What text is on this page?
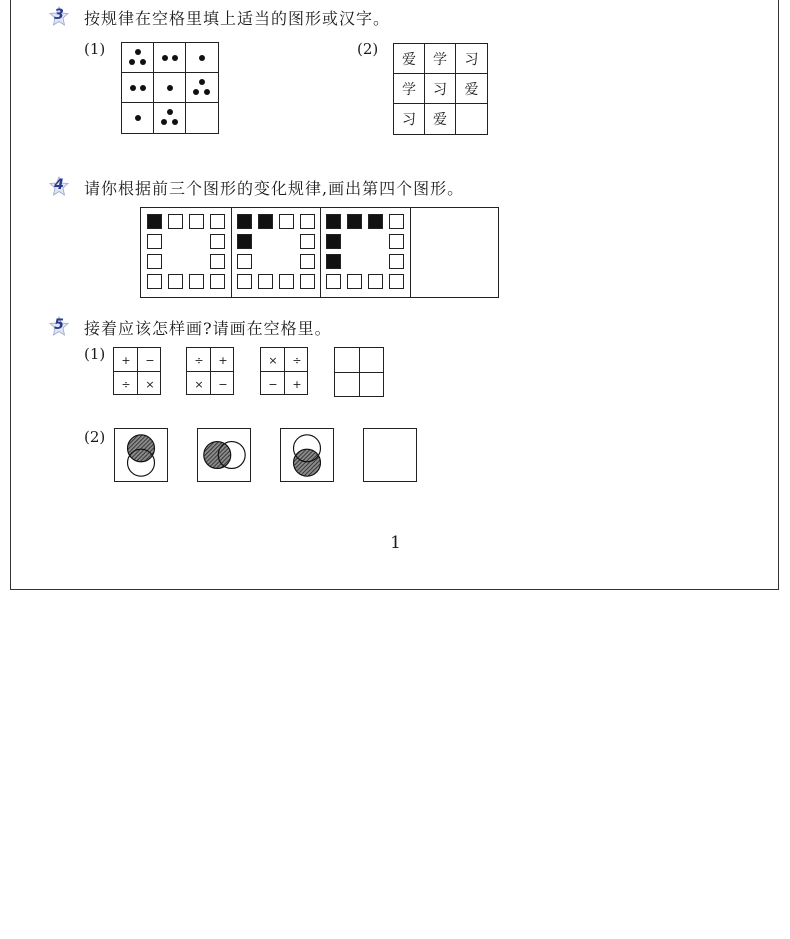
3	按规律在空格里填上适当的图形或汉字。
(1)	(2)
爱	学	习
学	习	爱
习	爱
4	请你根据前三个图形的变化规律,画出第四个图形。
5	接着应该怎样画?请画在空格里。
(1)	+	−
÷	×
÷	+
×	−
×	÷
−	+
(2)
1
